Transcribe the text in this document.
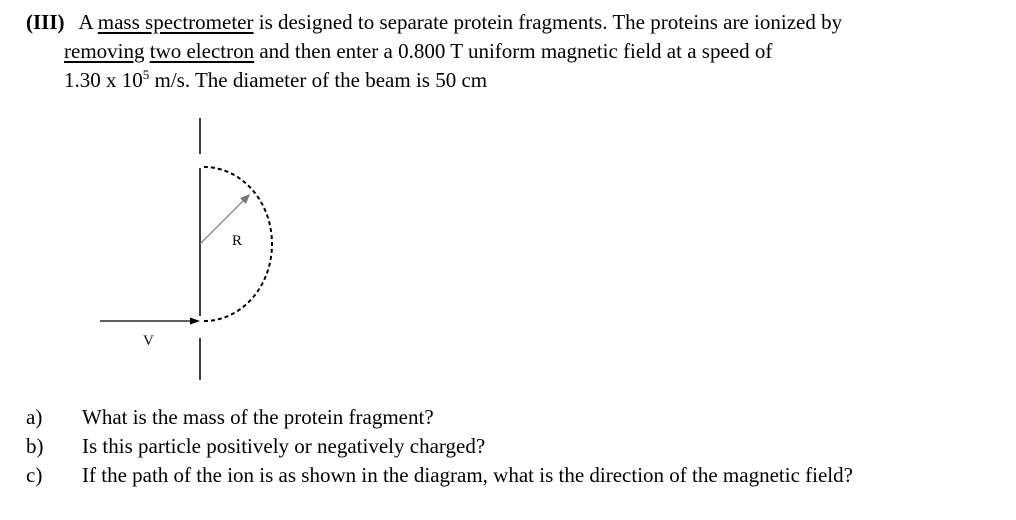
(III) A mass spectrometer is designed to separate protein fragments. The proteins are ionized by
removing two electron and then enter a 0.800 T uniform magnetic field at a speed of
1.30 x $10^5$ m/s. The diameter of the beam is 50 cm
R
V
a)	What is the mass of the protein fragment?
b)	Is this particle positively or negatively charged?
c)	If the path of the ion is as shown in the diagram, what is the direction of the magnetic field?
